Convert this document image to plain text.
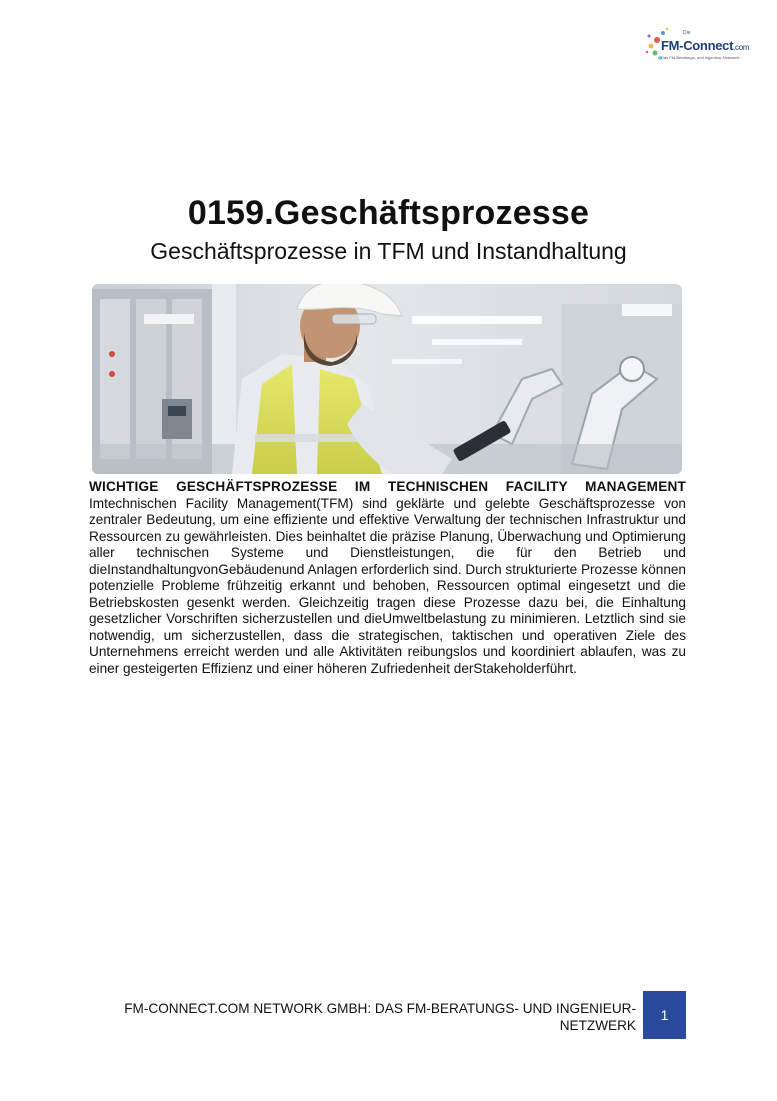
Die
FM-Connect.com
Das FM-Beratungs- und Ingenieur-Netzwerk
0159.Geschäftsprozesse
Geschäftsprozesse in TFM und Instandhaltung
WICHTIGE GESCHÄFTSPROZESSE IM TECHNISCHEN FACILITY MANAGEMENT

Imtechnischen Facility Management(TFM) sind geklärte und gelebte Geschäftsprozesse von zentraler Bedeutung, um eine effiziente und effektive Verwaltung der technischen Infrastruktur und Ressourcen zu gewährleisten. Dies beinhaltet die präzise Planung, Überwachung und Optimierung aller technischen Systeme und Dienstleistungen, die für den Betrieb und dieInstandhaltungvonGebäudenund Anlagen erforderlich sind. Durch strukturierte Prozesse können potenzielle Probleme frühzeitig erkannt und behoben, Ressourcen optimal eingesetzt und die Betriebskosten gesenkt werden. Gleichzeitig tragen diese Prozesse dazu bei, die Einhaltung gesetzlicher Vorschriften sicherzustellen und dieUmweltbelastung zu minimieren. Letztlich sind sie notwendig, um sicherzustellen, dass die strategischen, taktischen und operativen Ziele des Unternehmens erreicht werden und alle Aktivitäten reibungslos und koordiniert ablaufen, was zu einer gesteigerten Effizienz und einer höheren Zufriedenheit derStakeholderführt.

FM-CONNECT.COM NETWORK GMBH: DAS FM-BERATUNGS- UND INGENIEUR-NETZWERK
1
